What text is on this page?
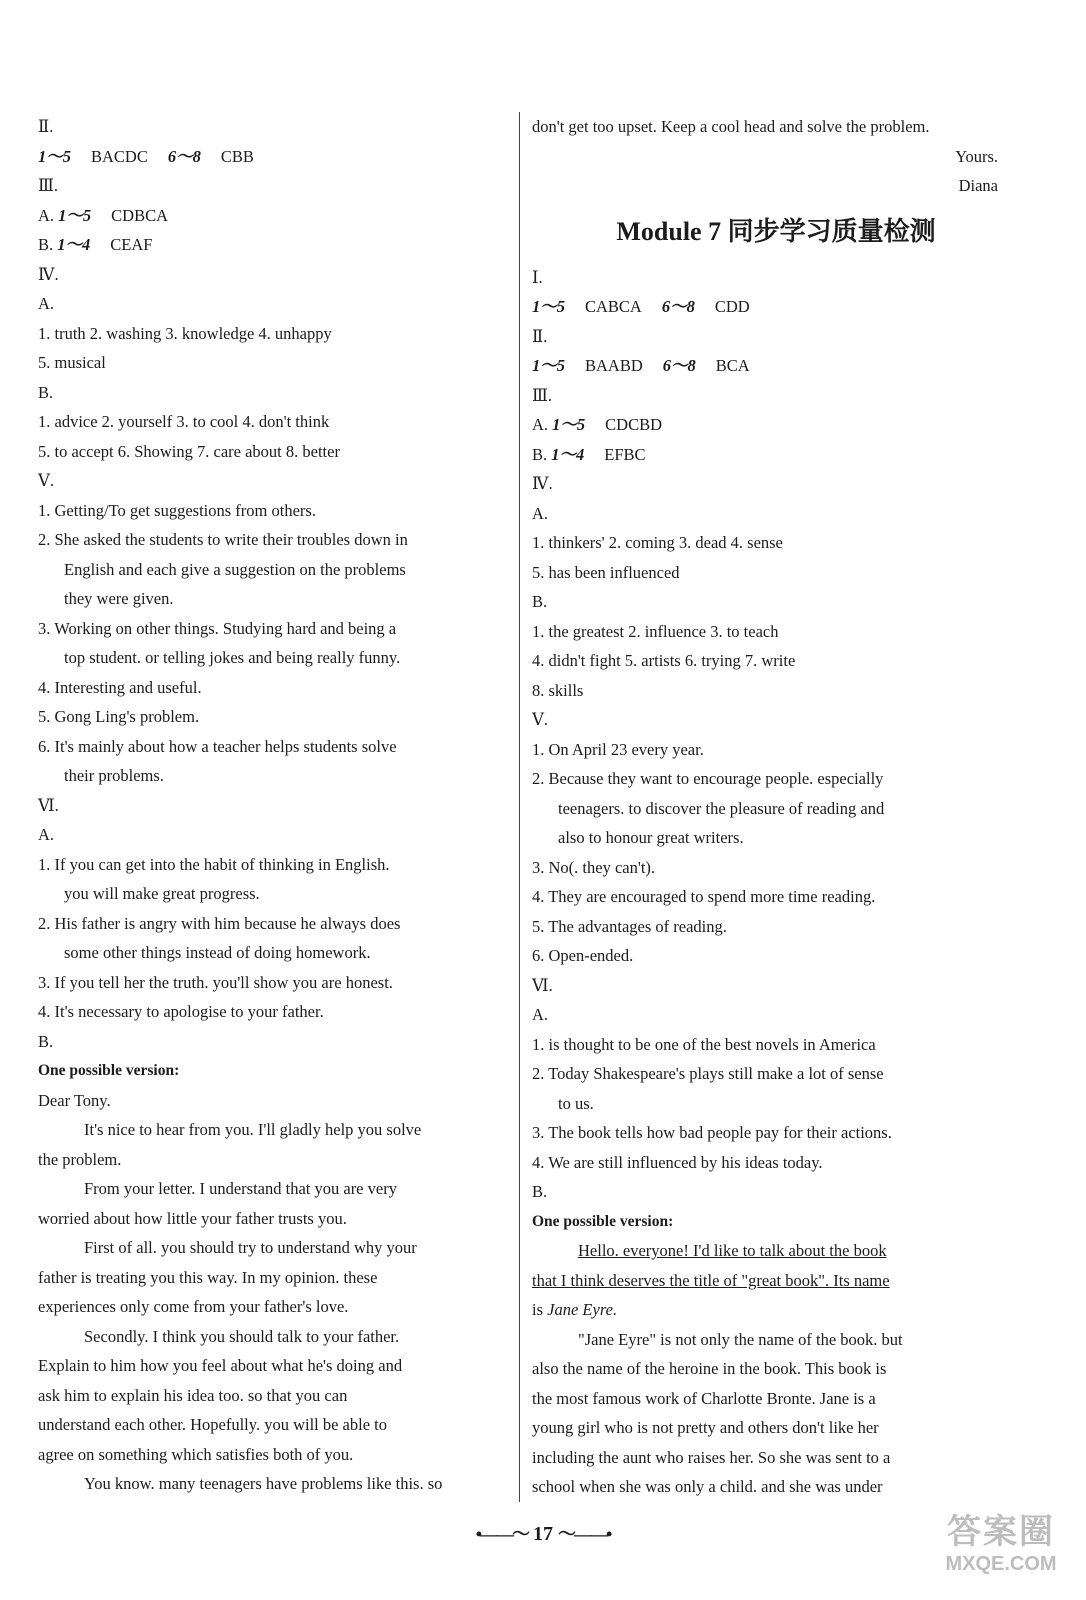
Ⅱ.
1～5 BACDC 6～8 CBB
Ⅲ.
A. 1～5 CDBCA
B. 1～4 CEAF
Ⅳ.
A.
1. truth 2. washing 3. knowledge 4. unhappy
5. musical
B.
1. advice 2. yourself 3. to cool 4. don't think
5. to accept 6. Showing 7. care about 8. better
Ⅴ.
1. Getting/To get suggestions from others.
2. She asked the students to write their troubles down in
English and each give a suggestion on the problems
they were given.
3. Working on other things. Studying hard and being a
top student. or telling jokes and being really funny.
4. Interesting and useful.
5. Gong Ling's problem.
6. It's mainly about how a teacher helps students solve
their problems.
Ⅵ.
A.
1. If you can get into the habit of thinking in English.
you will make great progress.
2. His father is angry with him because he always does
some other things instead of doing homework.
3. If you tell her the truth. you'll show you are honest.
4. It's necessary to apologise to your father.
B.
One possible version:
Dear Tony.
It's nice to hear from you. I'll gladly help you solve
the problem.
From your letter. I understand that you are very
worried about how little your father trusts you.
First of all. you should try to understand why your
father is treating you this way. In my opinion. these
experiences only come from your father's love.
Secondly. I think you should talk to your father.
Explain to him how you feel about what he's doing and
ask him to explain his idea too. so that you can
understand each other. Hopefully. you will be able to
agree on something which satisfies both of you.
You know. many teenagers have problems like this. so
don't get too upset. Keep a cool head and solve the problem.
Yours.
Diana
Module 7 同步学习质量检测
Ⅰ.
1～5 CABCA 6～8 CDD
Ⅱ.
1～5 BAABD 6～8 BCA
Ⅲ.
A. 1～5 CDCBD
B. 1～4 EFBC
Ⅳ.
A.
1. thinkers' 2. coming 3. dead 4. sense
5. has been influenced
B.
1. the greatest 2. influence 3. to teach
4. didn't fight 5. artists 6. trying 7. write
8. skills
Ⅴ.
1. On April 23 every year.
2. Because they want to encourage people. especially
teenagers. to discover the pleasure of reading and
also to honour great writers.
3. No(. they can't).
4. They are encouraged to spend more time reading.
5. The advantages of reading.
6. Open-ended.
Ⅵ.
A.
1. is thought to be one of the best novels in America
2. Today Shakespeare's plays still make a lot of sense
to us.
3. The book tells how bad people pay for their actions.
4. We are still influenced by his ideas today.
B.
One possible version:
Hello. everyone! I'd like to talk about the book
that I think deserves the title of "great book". Its name
is Jane Eyre.
"Jane Eyre" is not only the name of the book. but
also the name of the heroine in the book. This book is
the most famous work of Charlotte Bronte. Jane is a
young girl who is not pretty and others don't like her
including the aunt who raises her. So she was sent to a
school when she was only a child. and she was under
•——〜 17 〜——•	答案圈
MXQE.COM
